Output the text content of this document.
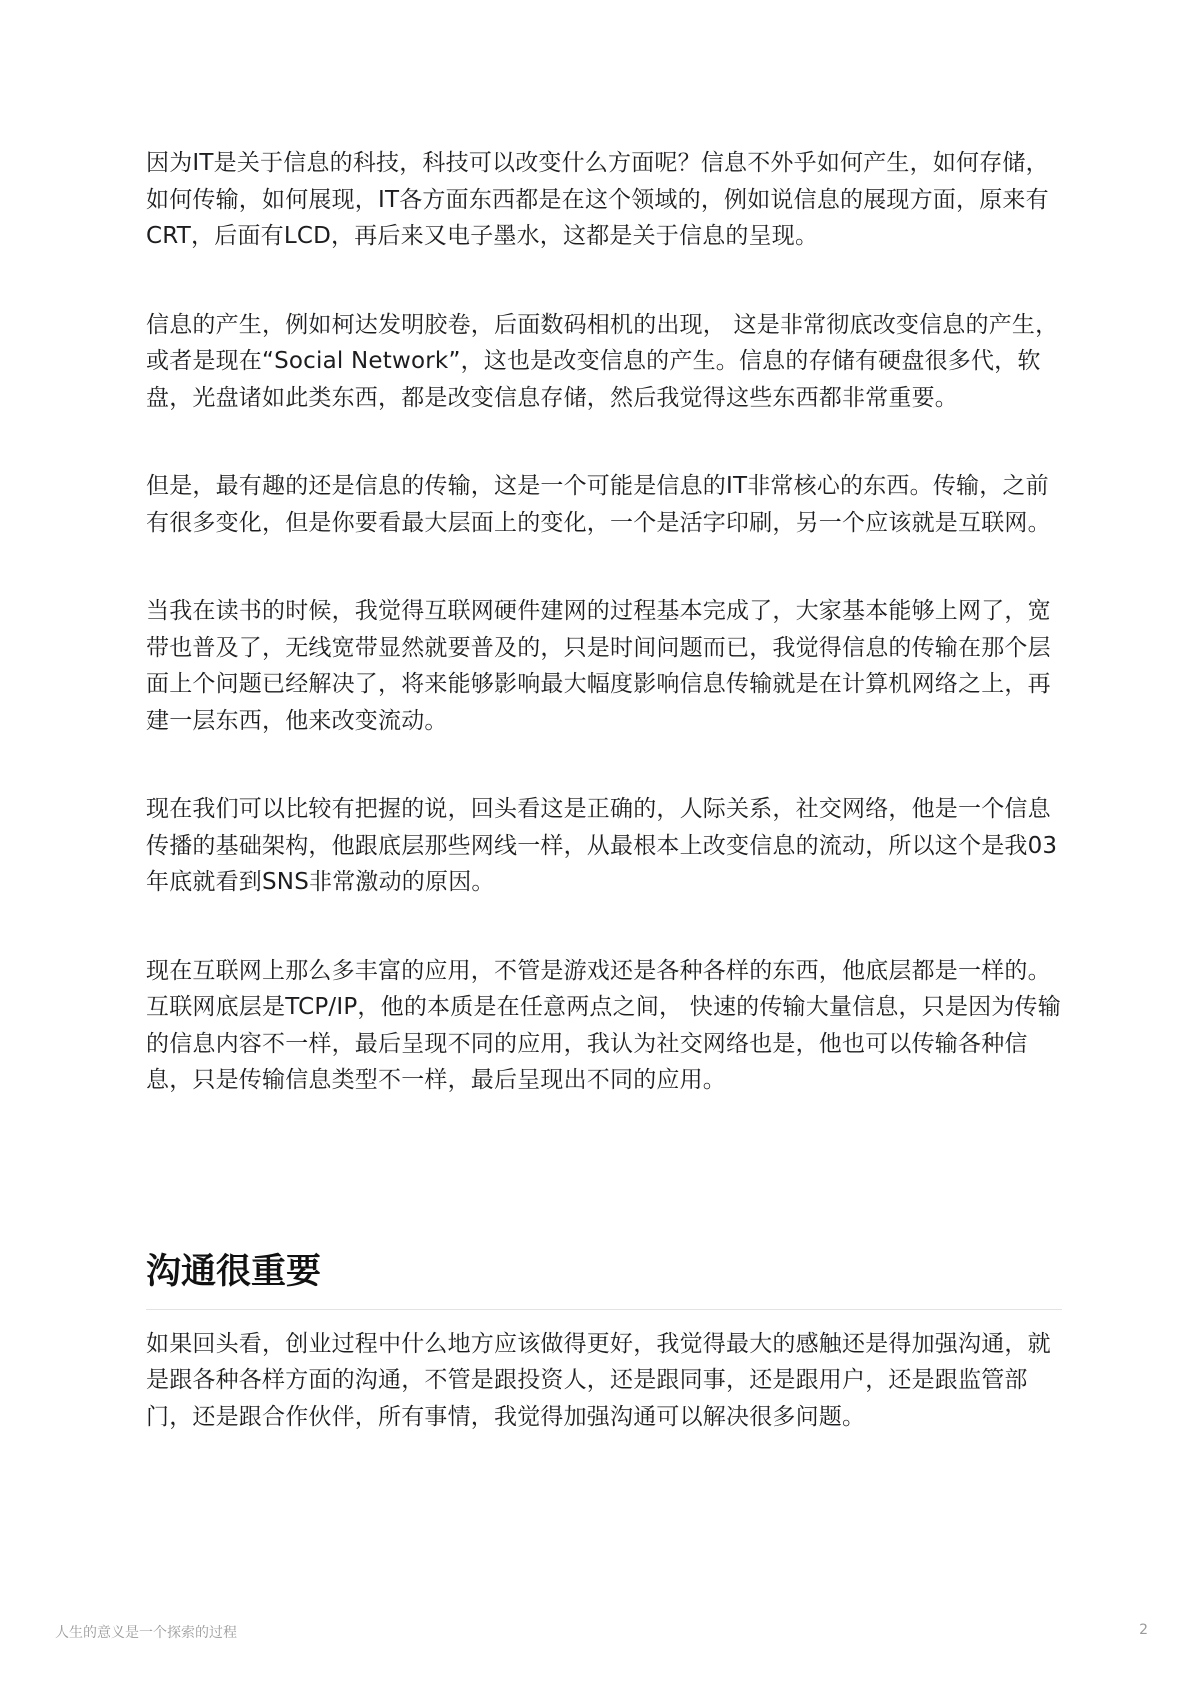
因为IT是关于信息的科技，科技可以改变什么方面呢？信息不外乎如何产生，如何存储，如何传输，如何展现，IT各方面东西都是在这个领域的，例如说信息的展现方面，原来有CRT，后面有LCD，再后来又电子墨水，这都是关于信息的呈现。

信息的产生，例如柯达发明胶卷，后面数码相机的出现， 这是非常彻底改变信息的产生，或者是现在“Social Network”，这也是改变信息的产生。信息的存储有硬盘很多代，软盘，光盘诸如此类东西，都是改变信息存储，然后我觉得这些东西都非常重要。

但是，最有趣的还是信息的传输，这是一个可能是信息的IT非常核心的东西。传输，之前有很多变化，但是你要看最大层面上的变化，一个是活字印刷，另一个应该就是互联网。

当我在读书的时候，我觉得互联网硬件建网的过程基本完成了，大家基本能够上网了，宽带也普及了，无线宽带显然就要普及的，只是时间问题而已，我觉得信息的传输在那个层面上个问题已经解决了，将来能够影响最大幅度影响信息传输就是在计算机网络之上，再建一层东西，他来改变流动。

现在我们可以比较有把握的说，回头看这是正确的，人际关系，社交网络，他是一个信息传播的基础架构，他跟底层那些网线一样，从最根本上改变信息的流动，所以这个是我03年底就看到SNS非常激动的原因。

现在互联网上那么多丰富的应用，不管是游戏还是各种各样的东西，他底层都是一样的。互联网底层是TCP/IP，他的本质是在任意两点之间， 快速的传输大量信息，只是因为传输的信息内容不一样，最后呈现不同的应用，我认为社交网络也是，他也可以传输各种信息，只是传输信息类型不一样，最后呈现出不同的应用。

沟通很重要

如果回头看，创业过程中什么地方应该做得更好，我觉得最大的感触还是得加强沟通，就是跟各种各样方面的沟通，不管是跟投资人，还是跟同事，还是跟用户，还是跟监管部门，还是跟合作伙伴，所有事情，我觉得加强沟通可以解决很多问题。

人生的意义是一个探索的过程	2
